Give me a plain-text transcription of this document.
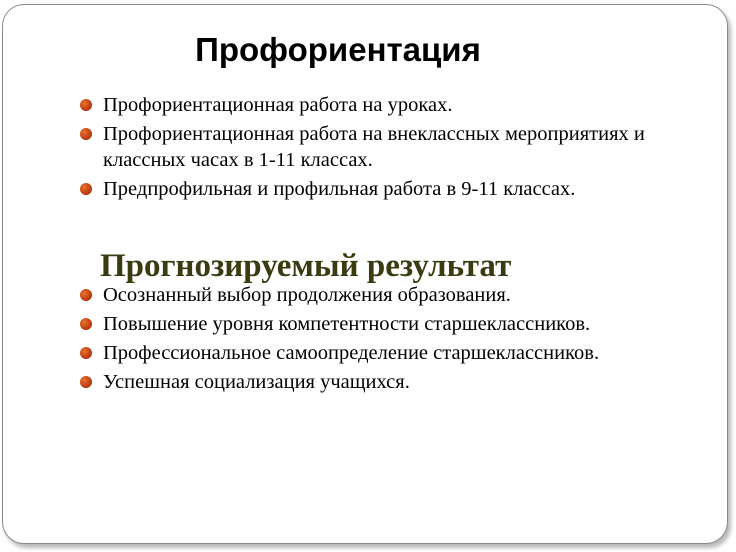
Профориентация
Профориентационная работа на уроках.
Профориентационная работа на внеклассных мероприятиях и классных часах в 1-11 классах.
Предпрофильная и профильная работа в 9-11 классах.
Прогнозируемый результат
Осознанный выбор продолжения образования.
Повышение уровня компетентности старшеклассников.
Профессиональное самоопределение старшеклассников.
Успешная социализация учащихся.
